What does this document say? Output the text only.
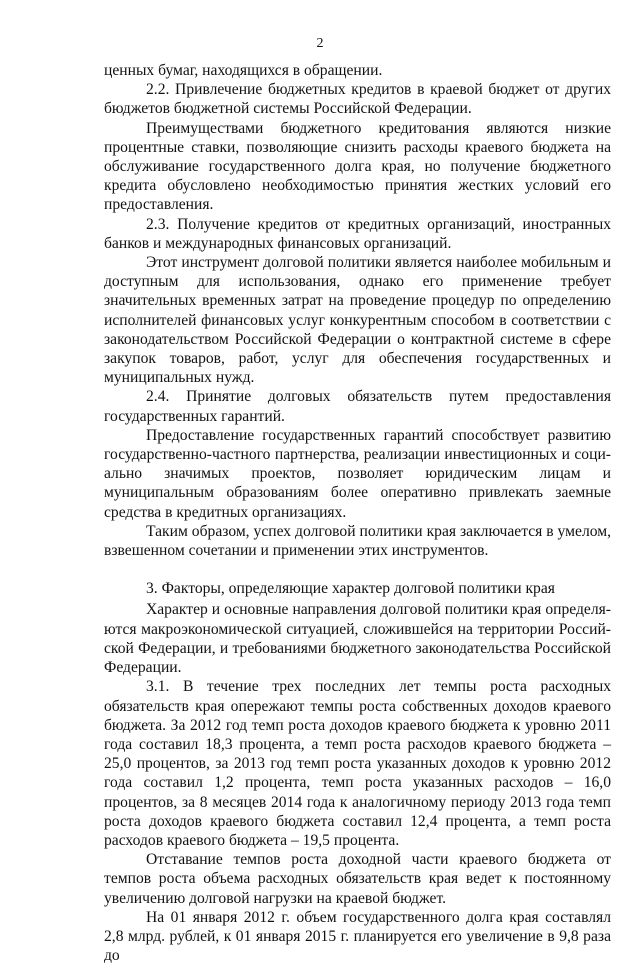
2

ценных бумаг, находящихся в обращении.

2.2. Привлечение бюджетных кредитов в краевой бюджет от других бюджетов бюджетной системы Российской Федерации.

Преимуществами бюджетного кредитования являются низкие процентные ставки, позволяющие снизить расходы краевого бюджета на обслуживание государственного долга края, но получение бюджетного кредита обусловлено необходимостью принятия жестких условий его предоставления.

2.3. Получение кредитов от кредитных организаций, иностранных банков и международных финансовых организаций.

Этот инструмент долговой политики является наиболее мобильным и доступным для использования, однако его применение требует значительных временных затрат на проведение процедур по определению исполнителей финансовых услуг конкурентным способом в соответствии с законодательством Российской Федерации о контрактной системе в сфере закупок товаров, работ, услуг для обеспечения государственных и муниципальных нужд.

2.4. Принятие долговых обязательств путем предоставления государственных гарантий.

Предоставление государственных гарантий способствует развитию государственно-частного партнерства, реализации инвестиционных и социально значимых проектов, позволяет юридическим лицам и муниципальным образованиям более оперативно привлекать заемные средства в кредитных организациях.

Таким образом, успех долговой политики края заключается в умелом, взвешенном сочетании и применении этих инструментов.

3. Факторы, определяющие характер долговой политики края

Характер и основные направления долговой политики края определяются макроэкономической ситуацией, сложившейся на территории Российской Федерации, и требованиями бюджетного законодательства Российской Федерации.

3.1. В течение трех последних лет темпы роста расходных обязательств края опережают темпы роста собственных доходов краевого бюджета. За 2012 год темп роста доходов краевого бюджета к уровню 2011 года составил 18,3 процента, а темп роста расходов краевого бюджета – 25,0 процентов, за 2013 год темп роста указанных доходов к уровню 2012 года составил 1,2 процента, темп роста указанных расходов – 16,0 процентов, за 8 месяцев 2014 года к аналогичному периоду 2013 года темп роста доходов краевого бюджета составил 12,4 процента, а темп роста расходов краевого бюджета – 19,5 процента.

Отставание темпов роста доходной части краевого бюджета от темпов роста объема расходных обязательств края ведет к постоянному увеличению долговой нагрузки на краевой бюджет.

На 01 января 2012 г. объем государственного долга края составлял 2,8 млрд. рублей, к 01 января 2015 г. планируется его увеличение в 9,8 раза до
